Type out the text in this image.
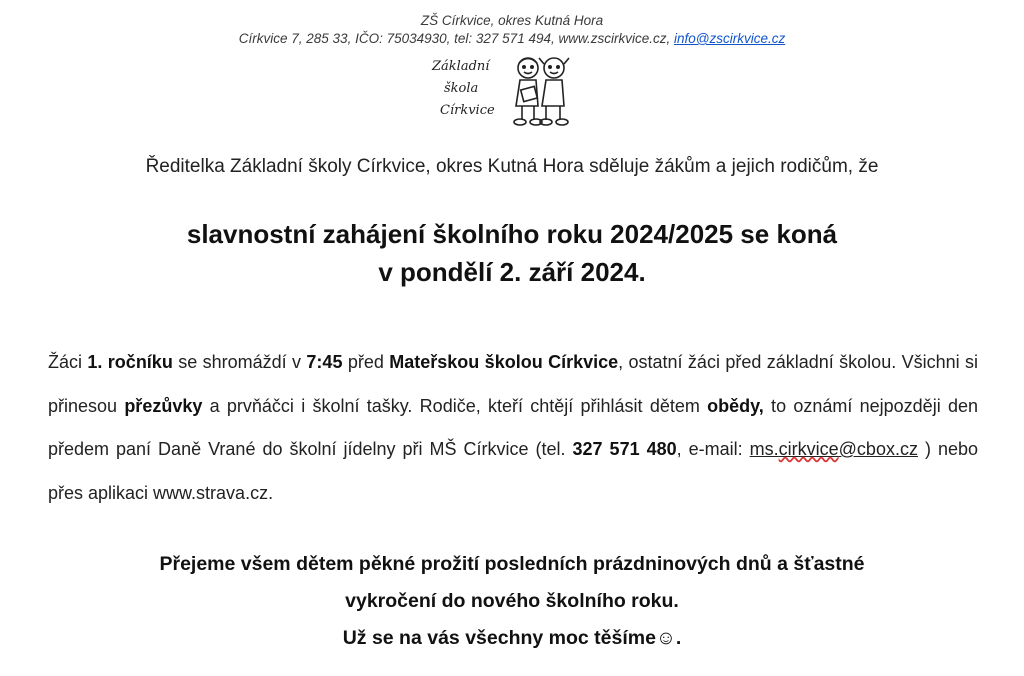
ZŠ Církvice, okres Kutná Hora
Církvice 7, 285 33, IČO: 75034930, tel: 327 571 494, www.zscirkvice.cz, info@zscirkvice.cz
Základní
škola
Církvice
Ředitelka Základní školy Církvice, okres Kutná Hora sděluje žákům a jejich rodičům, že
slavnostní zahájení školního roku 2024/2025 se koná
v pondělí 2. září 2024.
Žáci 1. ročníku se shromáždí v 7:45 před Mateřskou školou Církvice, ostatní žáci před základní školou. Všichni si přinesou přezůvky a prvňáčci i školní tašky. Rodiče, kteří chtějí přihlásit dětem obědy, to oznámí nejpozději den předem paní Daně Vrané do školní jídelny při MŠ Církvice (tel. 327 571 480, e-mail: ms.cirkvice@cbox.cz ) nebo přes aplikaci www.strava.cz.
Přejeme všem dětem pěkné prožití posledních prázdninových dnů a šťastné
vykročení do nového školního roku.
Už se na vás všechny moc těšíme☺.
